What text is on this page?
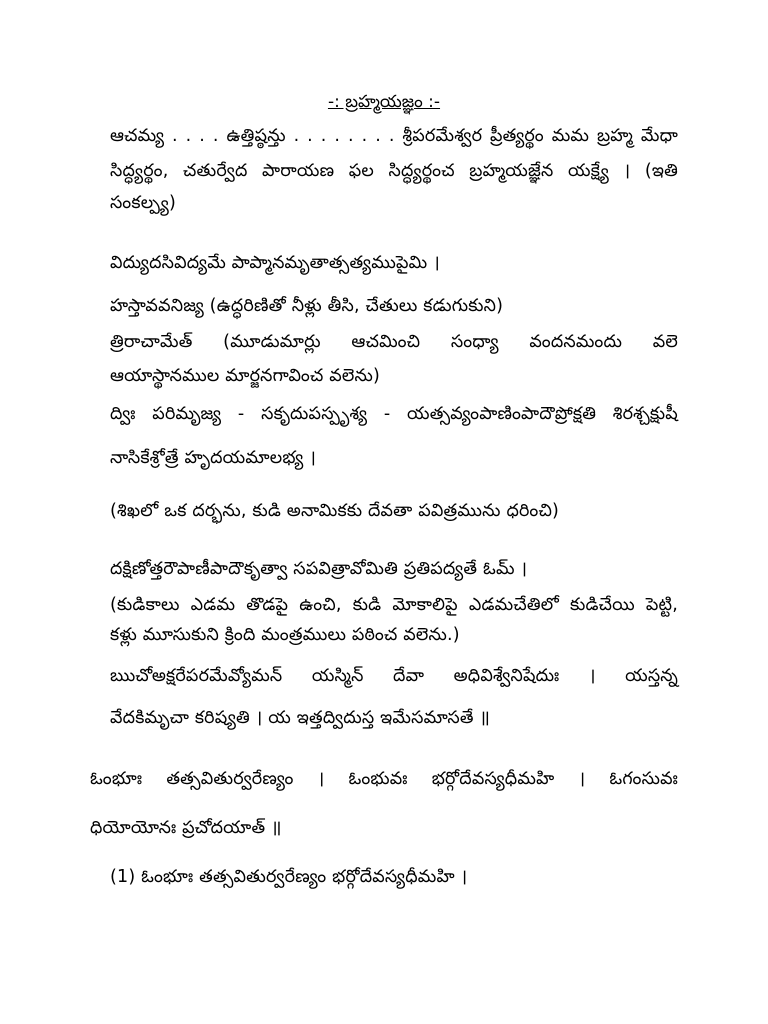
-: బ్రహ్మయజ్ఞం :-
ఆచమ్య . . . . ఉత్తిష్ఠన్తు . . . . . . . . శ్రీపరమేశ్వర ప్రీత్యర్థం మమ బ్రహ్మ మేధా
సిద్ధ్యర్థం, చతుర్వేద పారాయణ ఫల సిద్ధ్యర్థంచ బ్రహ్మయజ్ఞేన యక్ష్యే । (ఇతి
సంకల్ప్య)
విద్యుదసివిద్యమే పాప్మానమృతాత్సత్యముపైమి ।
హస్తావవనిజ్య (ఉద్ధరిణితో నీళ్లు తీసి, చేతులు కడుగుకుని)
త్రిరాచామేత్ (మూడుమార్లు ఆచమించి సంధ్యా వందనమందు వలె
ఆయాస్థానముల మార్జనగావించ వలెను)
ద్విః పరిమృజ్య - సకృదుపస్పృశ్య - యత్సవ్యంపాణింపాదౌప్రోక్షతి శిరశ్చక్షుషీ
నాసికేశ్రోత్రే హృదయమాలభ్య ।
(శిఖలో ఒక దర్భను, కుడి అనామికకు దేవతా పవిత్రమును ధరించి)
దక్షిణోత్తరౌపాణీపాదౌకృత్వా సపవిత్రావోమితి ప్రతిపద్యతే ఓమ్ ।
(కుడికాలు ఎడమ తొడపై ఉంచి, కుడి మోకాలిపై ఎడమచేతిలో కుడిచేయి పెట్టి,
కళ్లు మూసుకుని క్రింది మంత్రములు పఠించ వలెను.)
ఋచోఅక్షరేపరమేవ్యోమన్ యస్మిన్ దేవా అధివిశ్వేనిషేదుః । యస్తన్న
వేదకిమృచా కరిష్యతి । య ఇత్తద్విదుస్త ఇమేసమాసతే ॥
ఓంభూః తత్సవితుర్వరేణ్యం । ఓంభువః భర్గోదేవస్యధీమహి । ఓగంసువః
ధియోయోనః ప్రచోదయాత్ ॥
(1) ఓంభూః తత్సవితుర్వరేణ్యం భర్గోదేవస్యధీమహి ।
